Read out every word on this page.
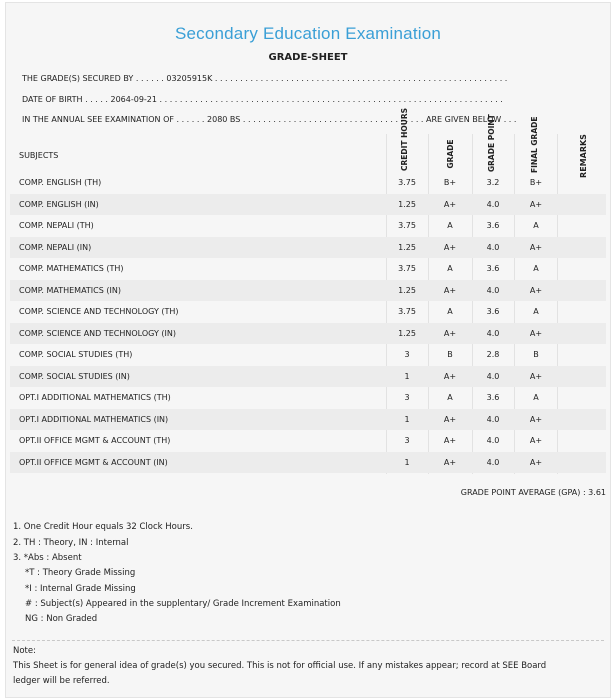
Secondary Education Examination
GRADE-SHEET
THE GRADE(S) SECURED BY . . . . . . 03205915K . . . . . . . . . . . . . . . . . . . . . . . . . . . . . . . . . . . . . . . . . . . . . . . . . . . . . . . . . .
DATE OF BIRTH . . . . . 2064-09-21 . . . . . . . . . . . . . . . . . . . . . . . . . . . . . . . . . . . . . . . . . . . . . . . . . . . . . . . . . . . . . . . . . . . .
IN THE ANNUAL SEE EXAMINATION OF . . . . . . 2080 BS . . . . . . . . . . . . . . . . . . . . . . . . . . . . . . . . . . . . ARE GIVEN BELOW . . .
SUBJECTS	CREDIT HOURS	GRADE	GRADE POINT	FINAL GRADE	REMARKS
COMP. ENGLISH (TH)	3.75	B+	3.2	B+
COMP. ENGLISH (IN)	1.25	A+	4.0	A+
COMP. NEPALI (TH)	3.75	A	3.6	A
COMP. NEPALI (IN)	1.25	A+	4.0	A+
COMP. MATHEMATICS (TH)	3.75	A	3.6	A
COMP. MATHEMATICS (IN)	1.25	A+	4.0	A+
COMP. SCIENCE AND TECHNOLOGY (TH)	3.75	A	3.6	A
COMP. SCIENCE AND TECHNOLOGY (IN)	1.25	A+	4.0	A+
COMP. SOCIAL STUDIES (TH)	3	B	2.8	B
COMP. SOCIAL STUDIES (IN)	1	A+	4.0	A+
OPT.I ADDITIONAL MATHEMATICS (TH)	3	A	3.6	A
OPT.I ADDITIONAL MATHEMATICS (IN)	1	A+	4.0	A+
OPT.II OFFICE MGMT & ACCOUNT (TH)	3	A+	4.0	A+
OPT.II OFFICE MGMT & ACCOUNT (IN)	1	A+	4.0	A+
GRADE POINT AVERAGE (GPA) : 3.61
1. One Credit Hour equals 32 Clock Hours.
2. TH : Theory, IN : Internal
3. *Abs : Absent
*T : Theory Grade Missing
*I : Internal Grade Missing
# : Subject(s) Appeared in the supplentary/ Grade Increment Examination
NG : Non Graded
Note:
This Sheet is for general idea of grade(s) you secured. This is not for official use. If any mistakes appear; record at SEE Board
ledger will be referred.
